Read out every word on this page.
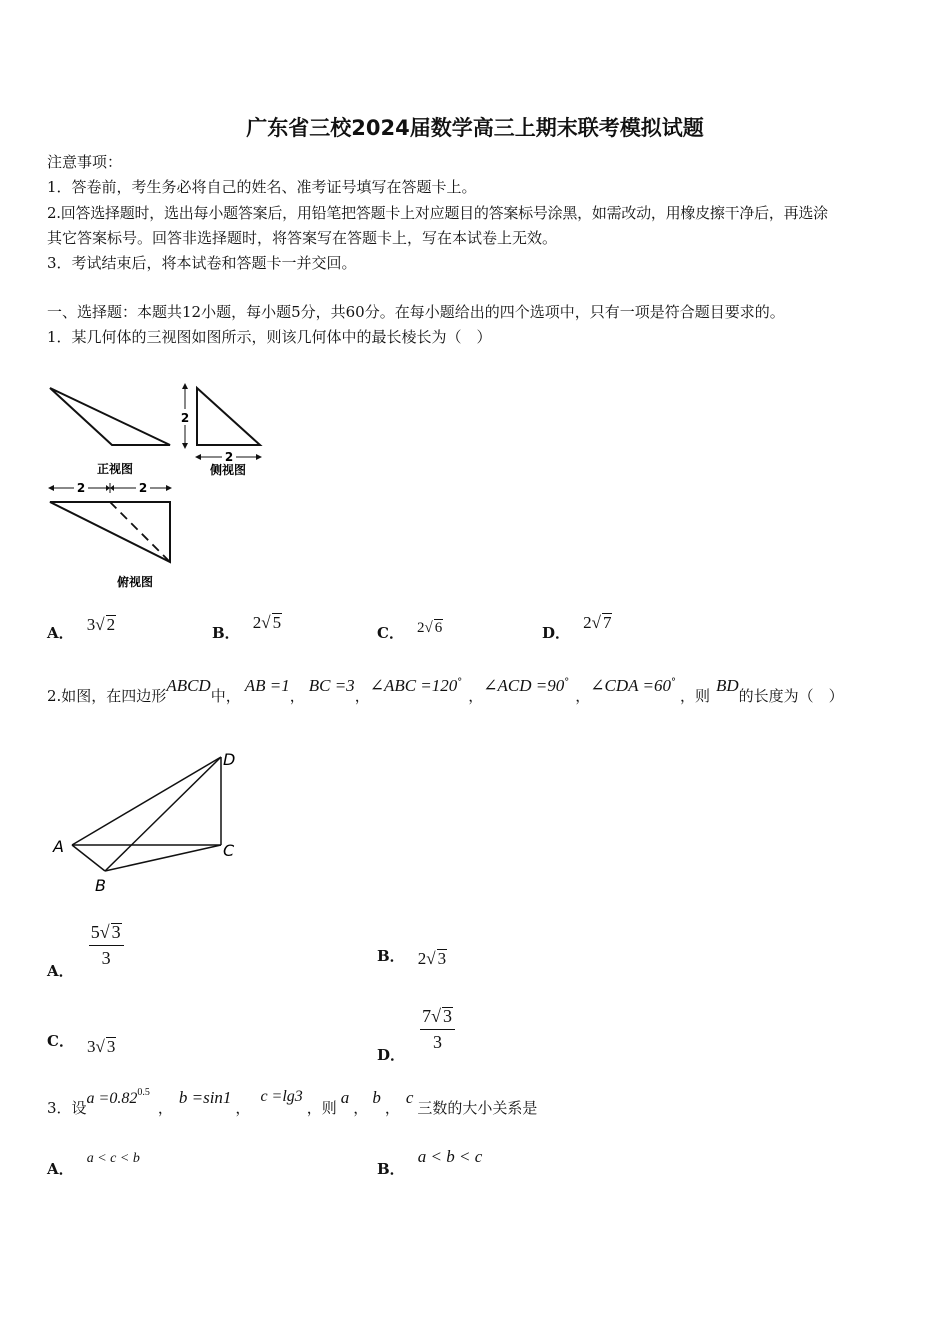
广东省三校2024届数学高三上期末联考模拟试题
注意事项：
1．答卷前，考生务必将自己的姓名、准考证号填写在答题卡上。
2.回答选择题时，选出每小题答案后，用铅笔把答题卡上对应题目的答案标号涂黑，如需改动，用橡皮擦干净后，再选涂
其它答案标号。回答非选择题时，将答案写在答题卡上，写在本试卷上无效。
3．考试结束后，将本试卷和答题卡一并交回。
一、选择题：本题共12小题，每小题5分，共60分。在每小题给出的四个选项中，只有一项是符合题目要求的。
1．某几何体的三视图如图所示，则该几何体中的最长棱长为（　）
正视图
2
2
侧视图
2	2
俯视图
A． 3√ 2	B． 2√ 5
C． 2√ 6	D． 2√ 7
2.如图，在四边形ABCD中，AB =1，BC =3，∠ABC =120°，∠ACD =90°，∠CDA =60°，则BD的长度为（　）
D
A	C
B
A．
$\frac{5√ 3}{3}$	B． 2√ 3
C． 3√ 3	D．
$\frac{7√ 3}{3}$
3．设$a =0.82^{0.5}$，b =sin1，c =lg3，则a，b，c三数的大小关系是
A． a < c < b
B． a < b < c
